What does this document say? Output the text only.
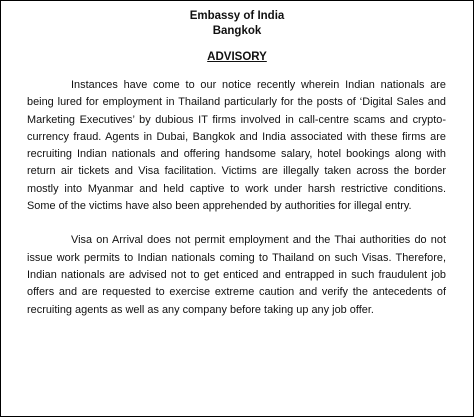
Embassy of India
Bangkok
ADVISORY

Instances have come to our notice recently wherein Indian nationals are being lured for employment in Thailand particularly for the posts of ‘Digital Sales and Marketing Executives’ by dubious IT firms involved in call-centre scams and crypto-currency fraud. Agents in Dubai, Bangkok and India associated with these firms are recruiting Indian nationals and offering handsome salary, hotel bookings along with return air tickets and Visa facilitation. Victims are illegally taken across the border mostly into Myanmar and held captive to work under harsh restrictive conditions. Some of the victims have also been apprehended by authorities for illegal entry.

Visa on Arrival does not permit employment and the Thai authorities do not issue work permits to Indian nationals coming to Thailand on such Visas. Therefore, Indian nationals are advised not to get enticed and entrapped in such fraudulent job offers and are requested to exercise extreme caution and verify the antecedents of recruiting agents as well as any company before taking up any job offer.
